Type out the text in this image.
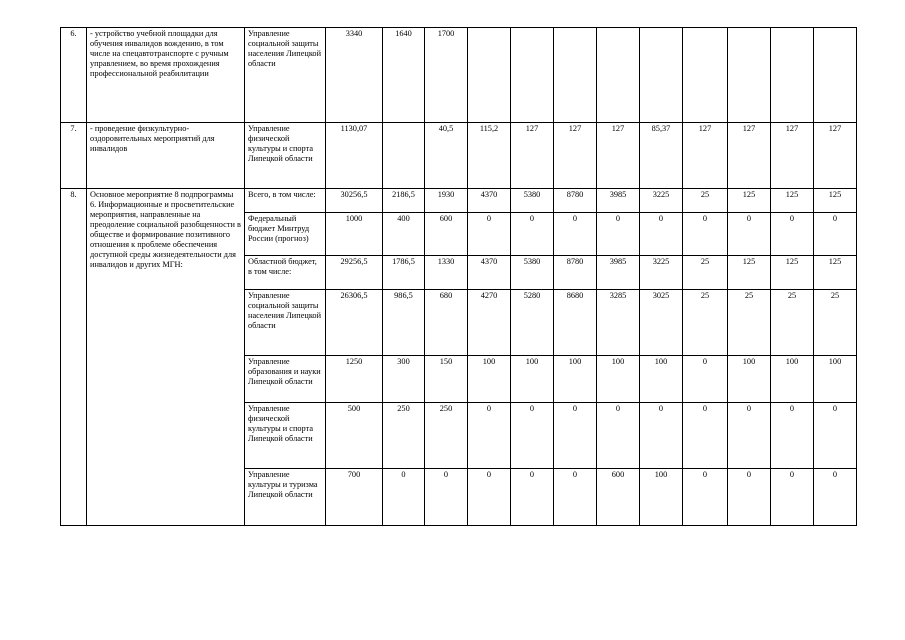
6.	- устройство учебной площадки для обучения инвалидов вождению, в том числе на спецавтотранспорте с ручным управлением, во время прохождения профессиональной реабилитации	Управление социальной защиты населения Липецкой области	3340	1640	1700									
7.	- проведение физкультурно-оздоровительных мероприятий для инвалидов	Управление физической культуры и спорта Липецкой области	1130,07		40,5	115,2	127	127	127	85,37	127	127	127	127
8.	Основное мероприятие 8 подпрограммы 6. Информационные и просветительские мероприятия, направленные на преодоление социальной разобщенности в обществе и формирование позитивного отношения к проблеме обеспечения доступной среды жизнедеятельности для инвалидов и других МГН:	Всего, в том числе:	30256,5	2186,5	1930	4370	5380	8780	3985	3225	25	125	125	125
		Федеральный бюджет Минтруд России (прогноз)	1000	400	600	0	0	0	0	0	0	0	0	0
		Областной бюджет, в том числе:	29256,5	1786,5	1330	4370	5380	8780	3985	3225	25	125	125	125
		Управление социальной защиты населения Липецкой области	26306,5	986,5	680	4270	5280	8680	3285	3025	25	25	25	25
		Управление образования и науки Липецкой области	1250	300	150	100	100	100	100	100	0	100	100	100
		Управление физической культуры и спорта Липецкой области	500	250	250	0	0	0	0	0	0	0	0	0
		Управление культуры и туризма Липецкой области	700	0	0	0	0	0	600	100	0	0	0	0
